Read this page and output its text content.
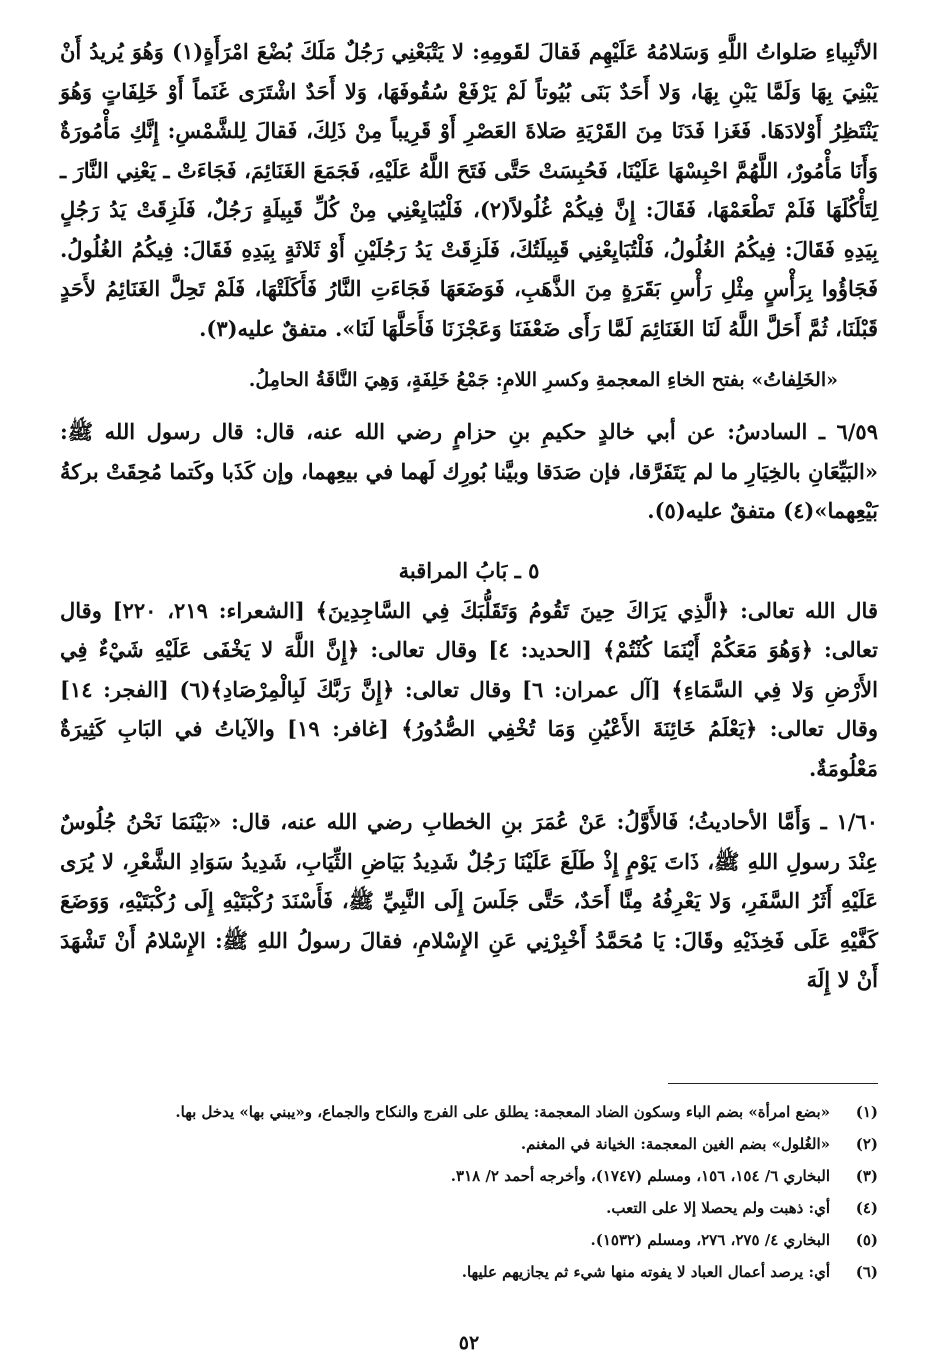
الأنْبِياءِ صَلواتُ اللَّهِ وَسَلامُهُ عَلَيْهِم فَقالَ لقَومِهِ: لا يَتْبَعْنِي رَجُلٌ مَلَكَ بُضْعَ امْرَأَةٍ(١) وَهُوَ يُريدُ أَنْ يَبْنِيَ بِهَا وَلَمَّا يَبْنِ بِهَا، وَلا أَحَدٌ بَنَى بُيُوتاً لَمْ يَرْفَعْ سُقُوفَهَا، وَلا أَحَدٌ اشْتَرَى غَنَماً أَوْ خَلِفَاتٍ وَهُوَ يَنْتَظِرُ أَوْلادَهَا. فَغَزا فَدَنَا مِنَ القَرْيَةِ صَلاةَ العَصْرِ أَوْ قَرِيباً مِنْ ذَلِكَ، فَقالَ لِلشَّمْسِ: إِنَّكِ مَأْمُورَةٌ وَأَنَا مَأْمُورٌ، اللَّهُمَّ احْبِسْهَا عَلَيْنَا، فَحُبِسَتْ حَتَّى فَتَحَ اللَّهُ عَلَيْهِ، فَجَمَعَ الغَنَائِمَ، فَجَاءَتْ ـ يَعْنِي النَّارَ ـ لِتَأْكُلَهَا فَلَمْ تَطْعَمْهَا، فَقَالَ: إِنَّ فِيكُمْ غُلُولاً(٢)، فَلْيُبَايِعْنِي مِنْ كُلِّ قَبِيلَةٍ رَجُلٌ، فَلَزِقَتْ يَدُ رَجُلٍ بِيَدِهِ فَقَالَ: فِيكُمُ الغُلُولُ، فَلْتُبَايِعْنِي قَبِيلَتُكَ، فَلَزِقَتْ يَدُ رَجُلَيْنِ أَوْ ثَلاثَةٍ بِيَدِهِ فَقَالَ: فِيكُمُ الغُلُولُ. فَجَاؤُوا بِرَأْسٍ مِثْلِ رَأْسِ بَقَرَةٍ مِنَ الذَّهَبِ، فَوَضَعَهَا فَجَاءَتِ النَّارُ فَأَكَلَتْهَا، فَلَمْ تَحِلَّ الغَنَائِمُ لأَحَدٍ قَبْلَنَا، ثُمَّ أَحَلَّ اللَّهُ لَنَا الغَنَائِمَ لَمَّا رَأَى ضَعْفَنَا وَعَجْزَنَا فَأَحَلَّهَا لَنَا». متفقٌ عليه(٣).

«الخَلِفاتُ» بفتح الخاءِ المعجمةِ وكسرِ اللامِ: جَمْعُ خَلِفَةٍ، وَهِيَ النَّاقَةُ الحامِلُ.

٦/٥٩ ـ السادسُ: عن أبي خالدٍ حكيمِ بنِ حزامٍ رضي الله عنه، قال: قال رسول الله ﷺ: «البَيِّعَانِ بالخِيَارِ ما لم يَتَفَرَّقا، فإن صَدَقا وبيَّنا بُورِك لَهما في بيعِهما، وإن كَذَبا وكَتما مُحِقَتْ بركةُ بَيْعِهما»(٤) متفقٌ عليه(٥).

٥ ـ بَابُ المراقبة

قال الله تعالى: ﴿الَّذِي يَرَاكَ حِينَ تَقُومُ وَتَقَلُّبَكَ فِي السَّاجِدِينَ﴾ [الشعراء: ٢١٩، ٢٢٠] وقال تعالى: ﴿وَهُوَ مَعَكُمْ أَيْنَمَا كُنْتُمْ﴾ [الحديد: ٤] وقال تعالى: ﴿إِنَّ اللَّهَ لا يَخْفَى عَلَيْهِ شَيْءٌ فِي الأَرْضِ وَلا فِي السَّمَاءِ﴾ [آل عمران: ٦] وقال تعالى: ﴿إِنَّ رَبَّكَ لَبِالْمِرْصَادِ﴾(٦) [الفجر: ١٤] وقال تعالى: ﴿يَعْلَمُ خَائِنَةَ الأَعْيُنِ وَمَا تُخْفِي الصُّدُورُ﴾ [غافر: ١٩] والآياتُ في البَابِ كَثِيرَةٌ مَعْلُومَةٌ.

١/٦٠ ـ وَأَمَّا الأحاديثُ؛ فَالأَوَّلُ: عَنْ عُمَرَ بنِ الخطابِ رضي الله عنه، قال: «بَيْنَمَا نَحْنُ جُلُوسٌ عِنْدَ رسولِ اللهِ ﷺ، ذَاتَ يَوْمٍ إِذْ طَلَعَ عَلَيْنَا رَجُلٌ شَدِيدُ بَيَاضِ الثِّيَابِ، شَدِيدُ سَوَادِ الشَّعْرِ، لا يُرَى عَلَيْهِ أَثَرُ السَّفَرِ، وَلا يَعْرِفُهُ مِنَّا أَحَدٌ، حَتَّى جَلَسَ إِلَى النَّبِيِّ ﷺ، فَأَسْنَدَ رُكْبَتَيْهِ إِلَى رُكْبَتَيْهِ، وَوَضَعَ كَفَّيْهِ عَلَى فَخِذَيْهِ وقَالَ: يَا مُحَمَّدُ أَخْبِرْنِي عَنِ الإِسْلامِ، فقالَ رسولُ اللهِ ﷺ: الإِسْلامُ أَنْ تَشْهَدَ أَنْ لا إِلَهَ

(١)
«بضع امرأة» بضم الباء وسكون الضاد المعجمة: يطلق على الفرج والنكاح والجماع، و«يبني بها» يدخل بها.
(٢)
«الغُلول» بضم الغين المعجمة: الخيانة في المغنم.
(٣)
البخاري ٦/ ١٥٤، ١٥٦، ومسلم (١٧٤٧)، وأخرجه أحمد ٢/ ٣١٨.
(٤)
أي: ذهبت ولم يحصلا إلا على التعب.
(٥)
البخاري ٤/ ٢٧٥، ٢٧٦، ومسلم (١٥٣٢).
(٦)
أي: يرصد أعمال العباد لا يفوته منها شيء ثم يجازيهم عليها.
٥٢
